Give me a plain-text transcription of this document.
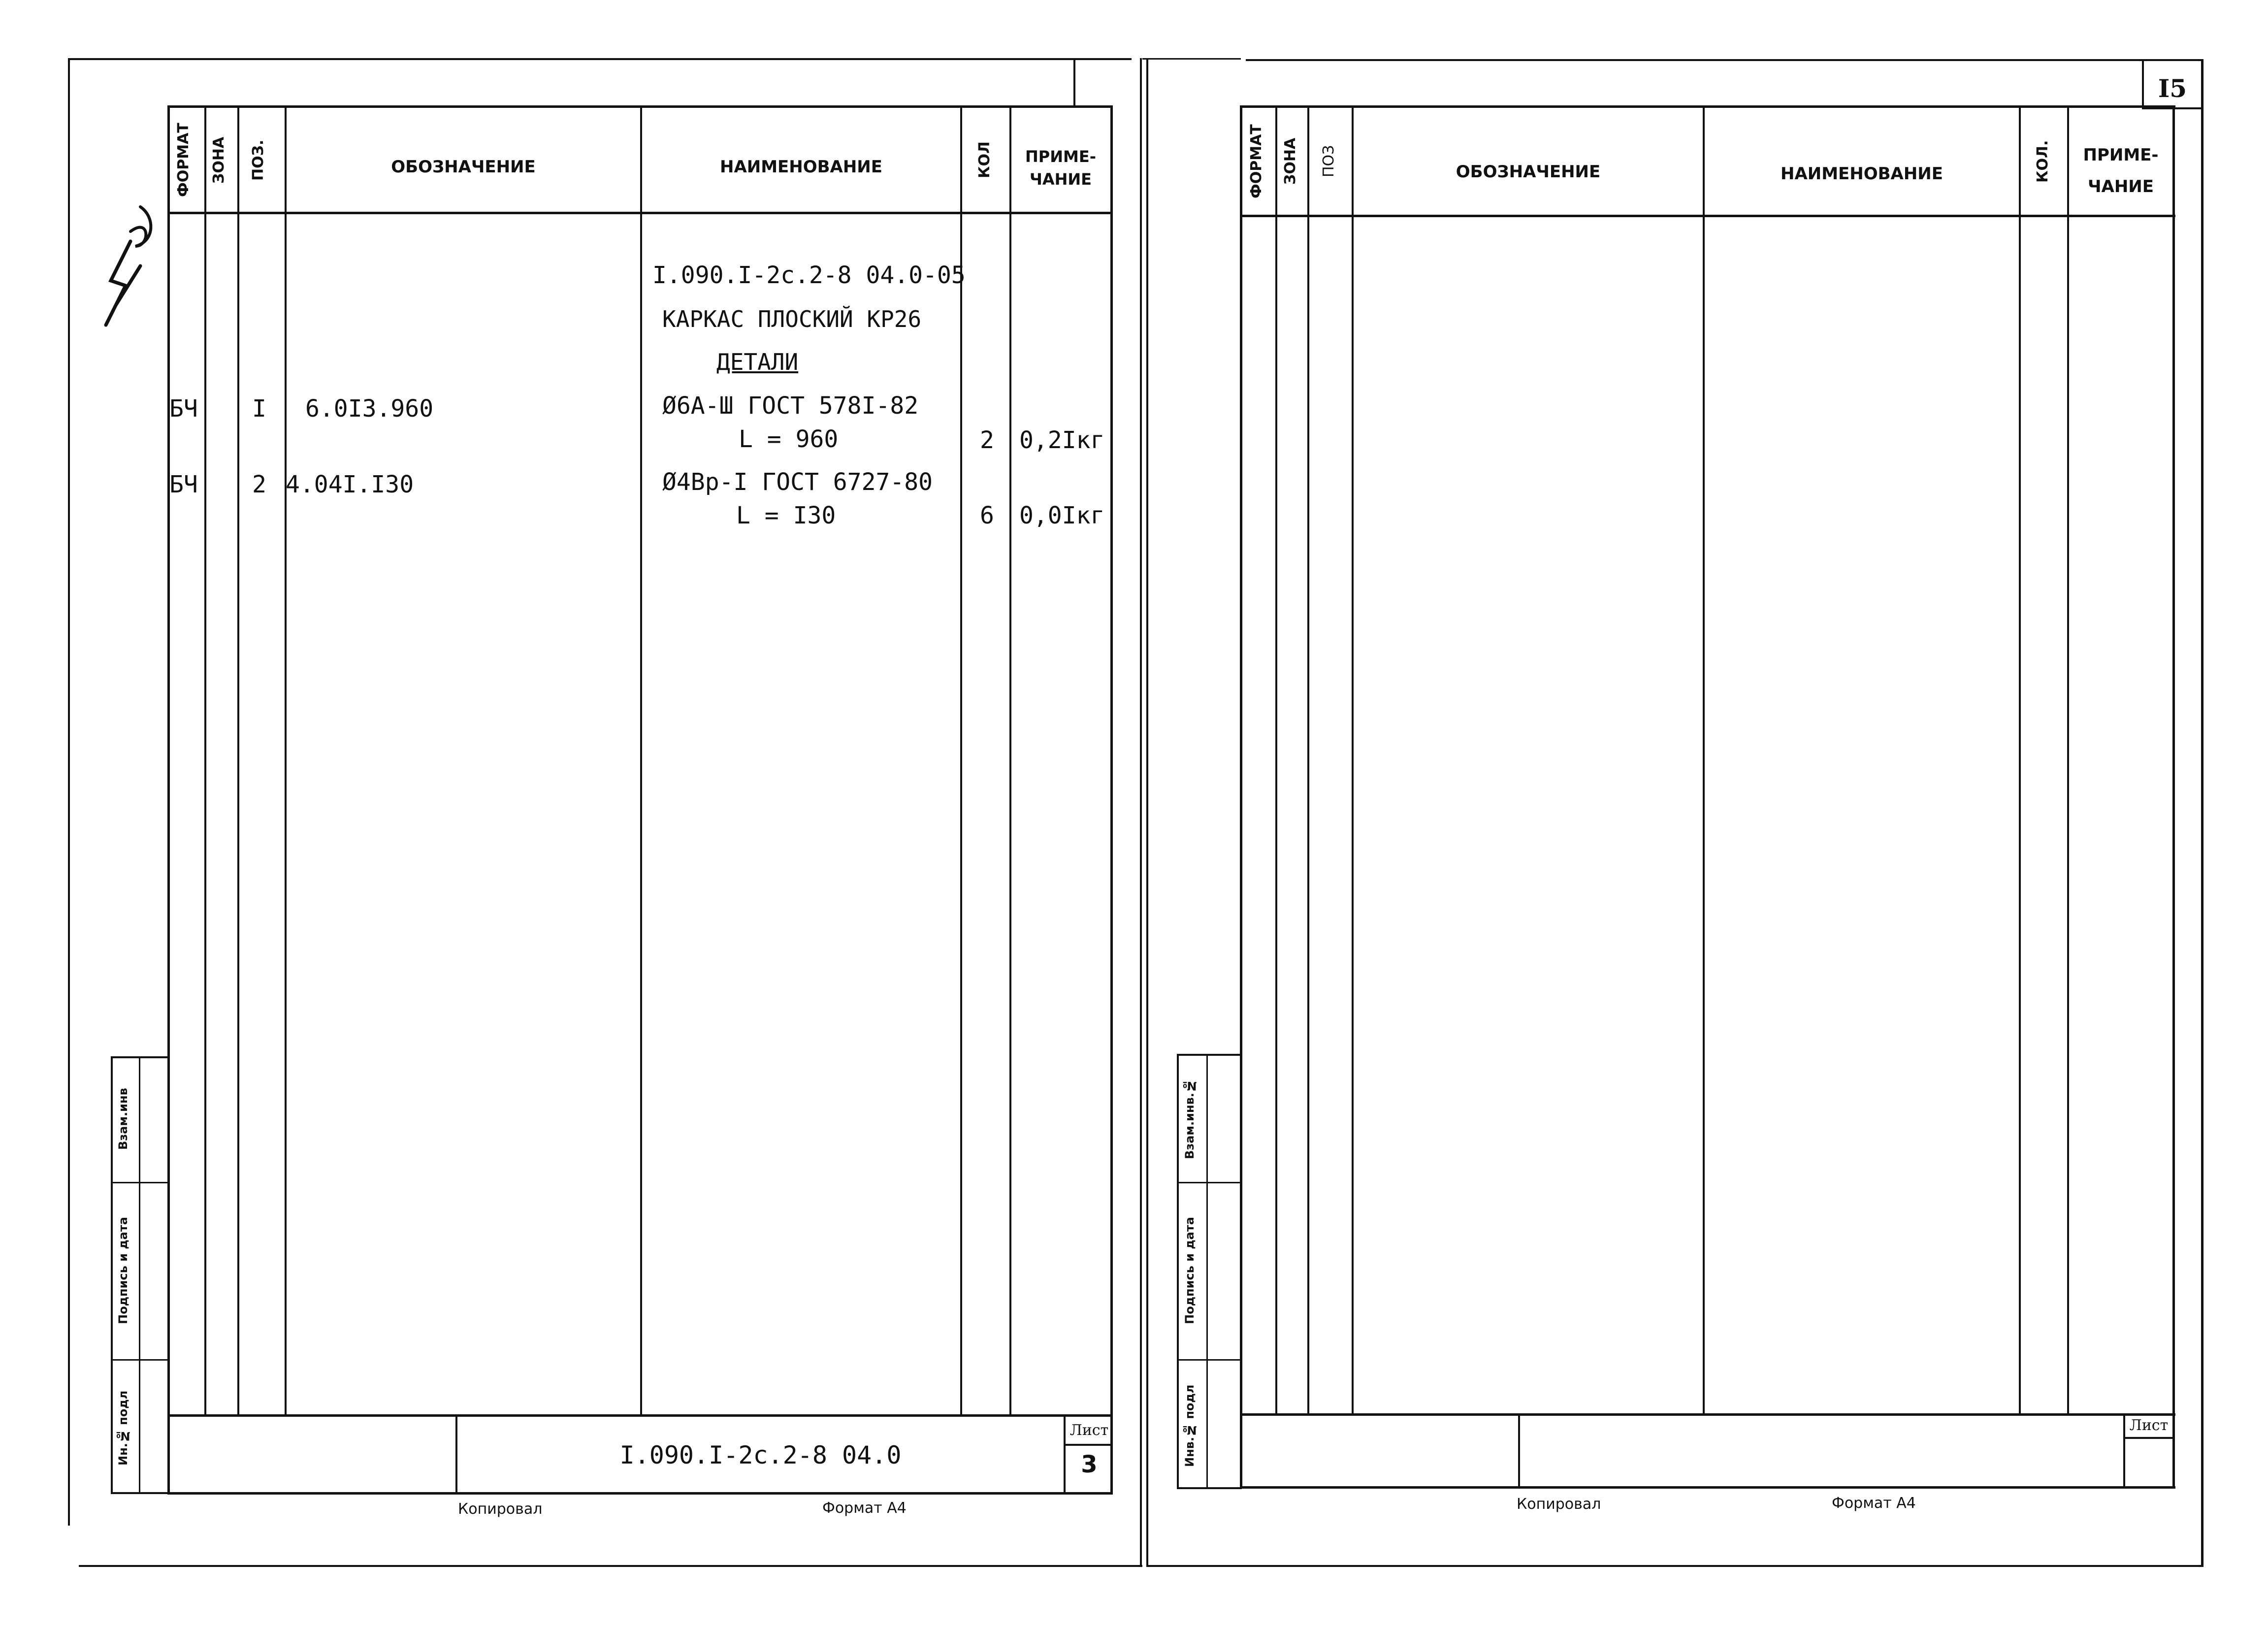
ФОРМАТ ЗОНА ПОЗ.	ОБОЗНАЧЕНИЕ	НАИМЕНОВАНИЕ	КОЛ	ПРИМЕ-
ЧАНИЕ
I.090.I-2с.2-8 04.0-05
КАРКАС ПЛОСКИЙ КР26
ДЕТАЛИ
БЧ I 6.0I3.960	Ø6А-Ш ГОСТ 578I-82
L = 960	2 0,2Iкг
БЧ 2 4.04I.I30	Ø4Вр-I ГОСТ 6727-80
L = I30	6 0,0Iкг
Ин.№ подл
Подпись и дата
Взам.инв
I.090.I-2с.2-8 04.0
Лист
3
Копировал	Формат А4
I5
ФОРМАТ ЗОНА ПОЗ	ОБОЗНАЧЕНИЕ	НАИМЕНОВАНИЕ	КОЛ.	ПРИМЕ-
ЧАНИЕ
Инв.№ подл
Подпись и дата
Взам.инв.№
Лист
Копировал	Формат А4
